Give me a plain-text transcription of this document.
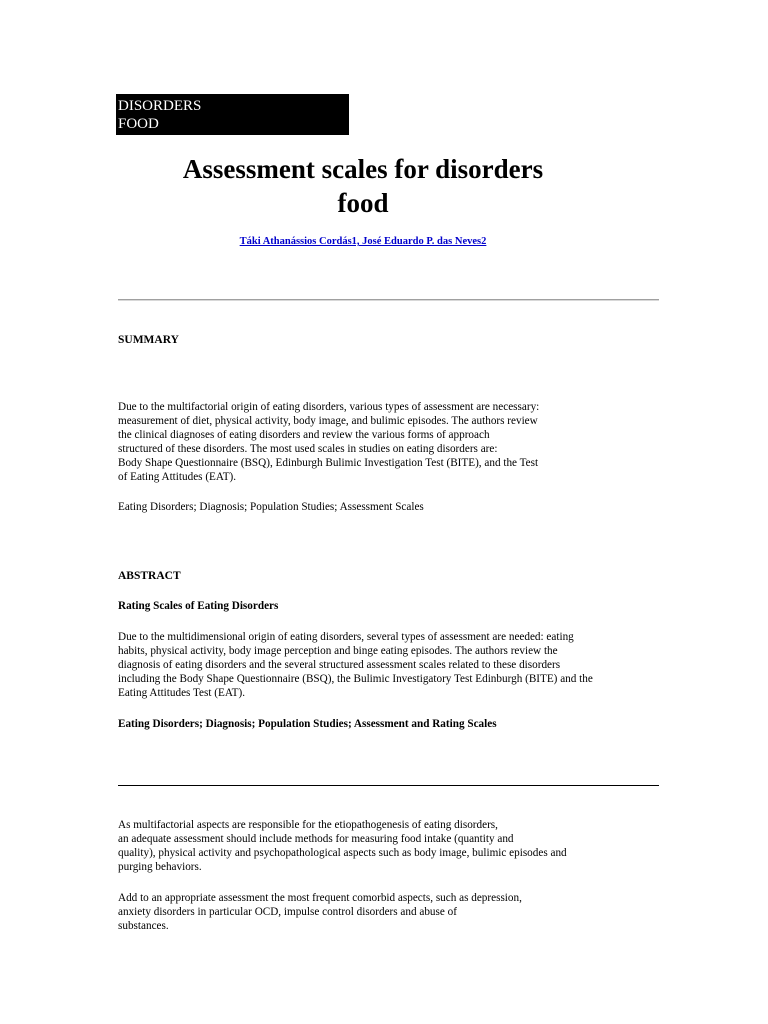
DISORDERS
FOOD
Assessment scales for disorders
food
Táki Athanássios Cordás1, José Eduardo P. das Neves2
SUMMARY

Due to the multifactorial origin of eating disorders, various types of assessment are necessary:
measurement of diet, physical activity, body image, and bulimic episodes. The authors review
the clinical diagnoses of eating disorders and review the various forms of approach
structured of these disorders. The most used scales in studies on eating disorders are:
Body Shape Questionnaire (BSQ), Edinburgh Bulimic Investigation Test (BITE), and the Test
of Eating Attitudes (EAT).

Eating Disorders; Diagnosis; Population Studies; Assessment Scales

ABSTRACT

Rating Scales of Eating Disorders

Due to the multidimensional origin of eating disorders, several types of assessment are needed: eating
habits, physical activity, body image perception and binge eating episodes. The authors review the
diagnosis of eating disorders and the several structured assessment scales related to these disorders
including the Body Shape Questionnaire (BSQ), the Bulimic Investigatory Test Edinburgh (BITE) and the
Eating Attitudes Test (EAT).

Eating Disorders; Diagnosis; Population Studies; Assessment and Rating Scales

As multifactorial aspects are responsible for the etiopathogenesis of eating disorders,
an adequate assessment should include methods for measuring food intake (quantity and
quality), physical activity and psychopathological aspects such as body image, bulimic episodes and
purging behaviors.

Add to an appropriate assessment the most frequent comorbid aspects, such as depression,
anxiety disorders in particular OCD, impulse control disorders and abuse of
substances.
